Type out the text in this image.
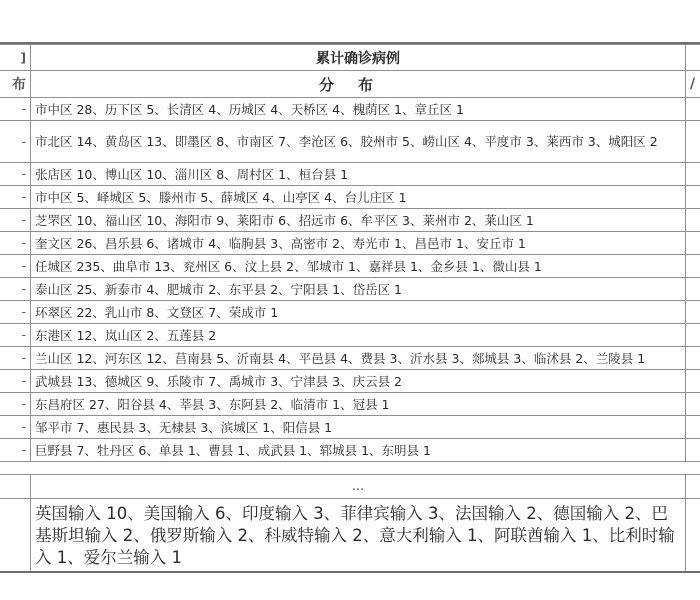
]	累计确诊病例	
布	分布	/
-	市中区 28、历下区 5、长清区 4、历城区 4、天桥区 4、槐荫区 1、章丘区 1	
-	市北区 14、黄岛区 13、即墨区 8、市南区 7、李沧区 6、胶州市 5、崂山区 4、平度市 3、莱西市 3、城阳区 2	
-	张店区 10、博山区 10、淄川区 8、周村区 1、桓台县 1	
-	市中区 5、峄城区 5、滕州市 5、薛城区 4、山亭区 4、台儿庄区 1	
-	芝罘区 10、福山区 10、海阳市 9、莱阳市 6、招远市 6、牟平区 3、莱州市 2、莱山区 1	
-	奎文区 26、昌乐县 6、诸城市 4、临朐县 3、高密市 2、寿光市 1、昌邑市 1、安丘市 1	
-	任城区 235、曲阜市 13、兖州区 6、汶上县 2、邹城市 1、嘉祥县 1、金乡县 1、微山县 1	
-	泰山区 25、新泰市 4、肥城市 2、东平县 2、宁阳县 1、岱岳区 1	
-	环翠区 22、乳山市 8、文登区 7、荣成市 1	
-	东港区 12、岚山区 2、五莲县 2	
-	兰山区 12、河东区 12、莒南县 5、沂南县 4、平邑县 4、费县 3、沂水县 3、郯城县 3、临沭县 2、兰陵县 1	
-	武城县 13、德城区 9、乐陵市 7、禹城市 3、宁津县 3、庆云县 2	
-	东昌府区 27、阳谷县 4、莘县 3、东阿县 2、临清市 1、冠县 1	
-	邹平市 7、惠民县 3、无棣县 3、滨城区 1、阳信县 1	
-	巨野县 7、牡丹区 6、单县 1、曹县 1、成武县 1、郓城县 1、东明县 1	

	...	
	英国输入 10、美国输入 6、印度输入 3、菲律宾输入 3、法国输入 2、德国输入 2、巴基斯坦输入 2、俄罗斯输入 2、科威特输入 2、意大利输入 1、阿联酋输入 1、比利时输入 1、爱尔兰输入 1	
